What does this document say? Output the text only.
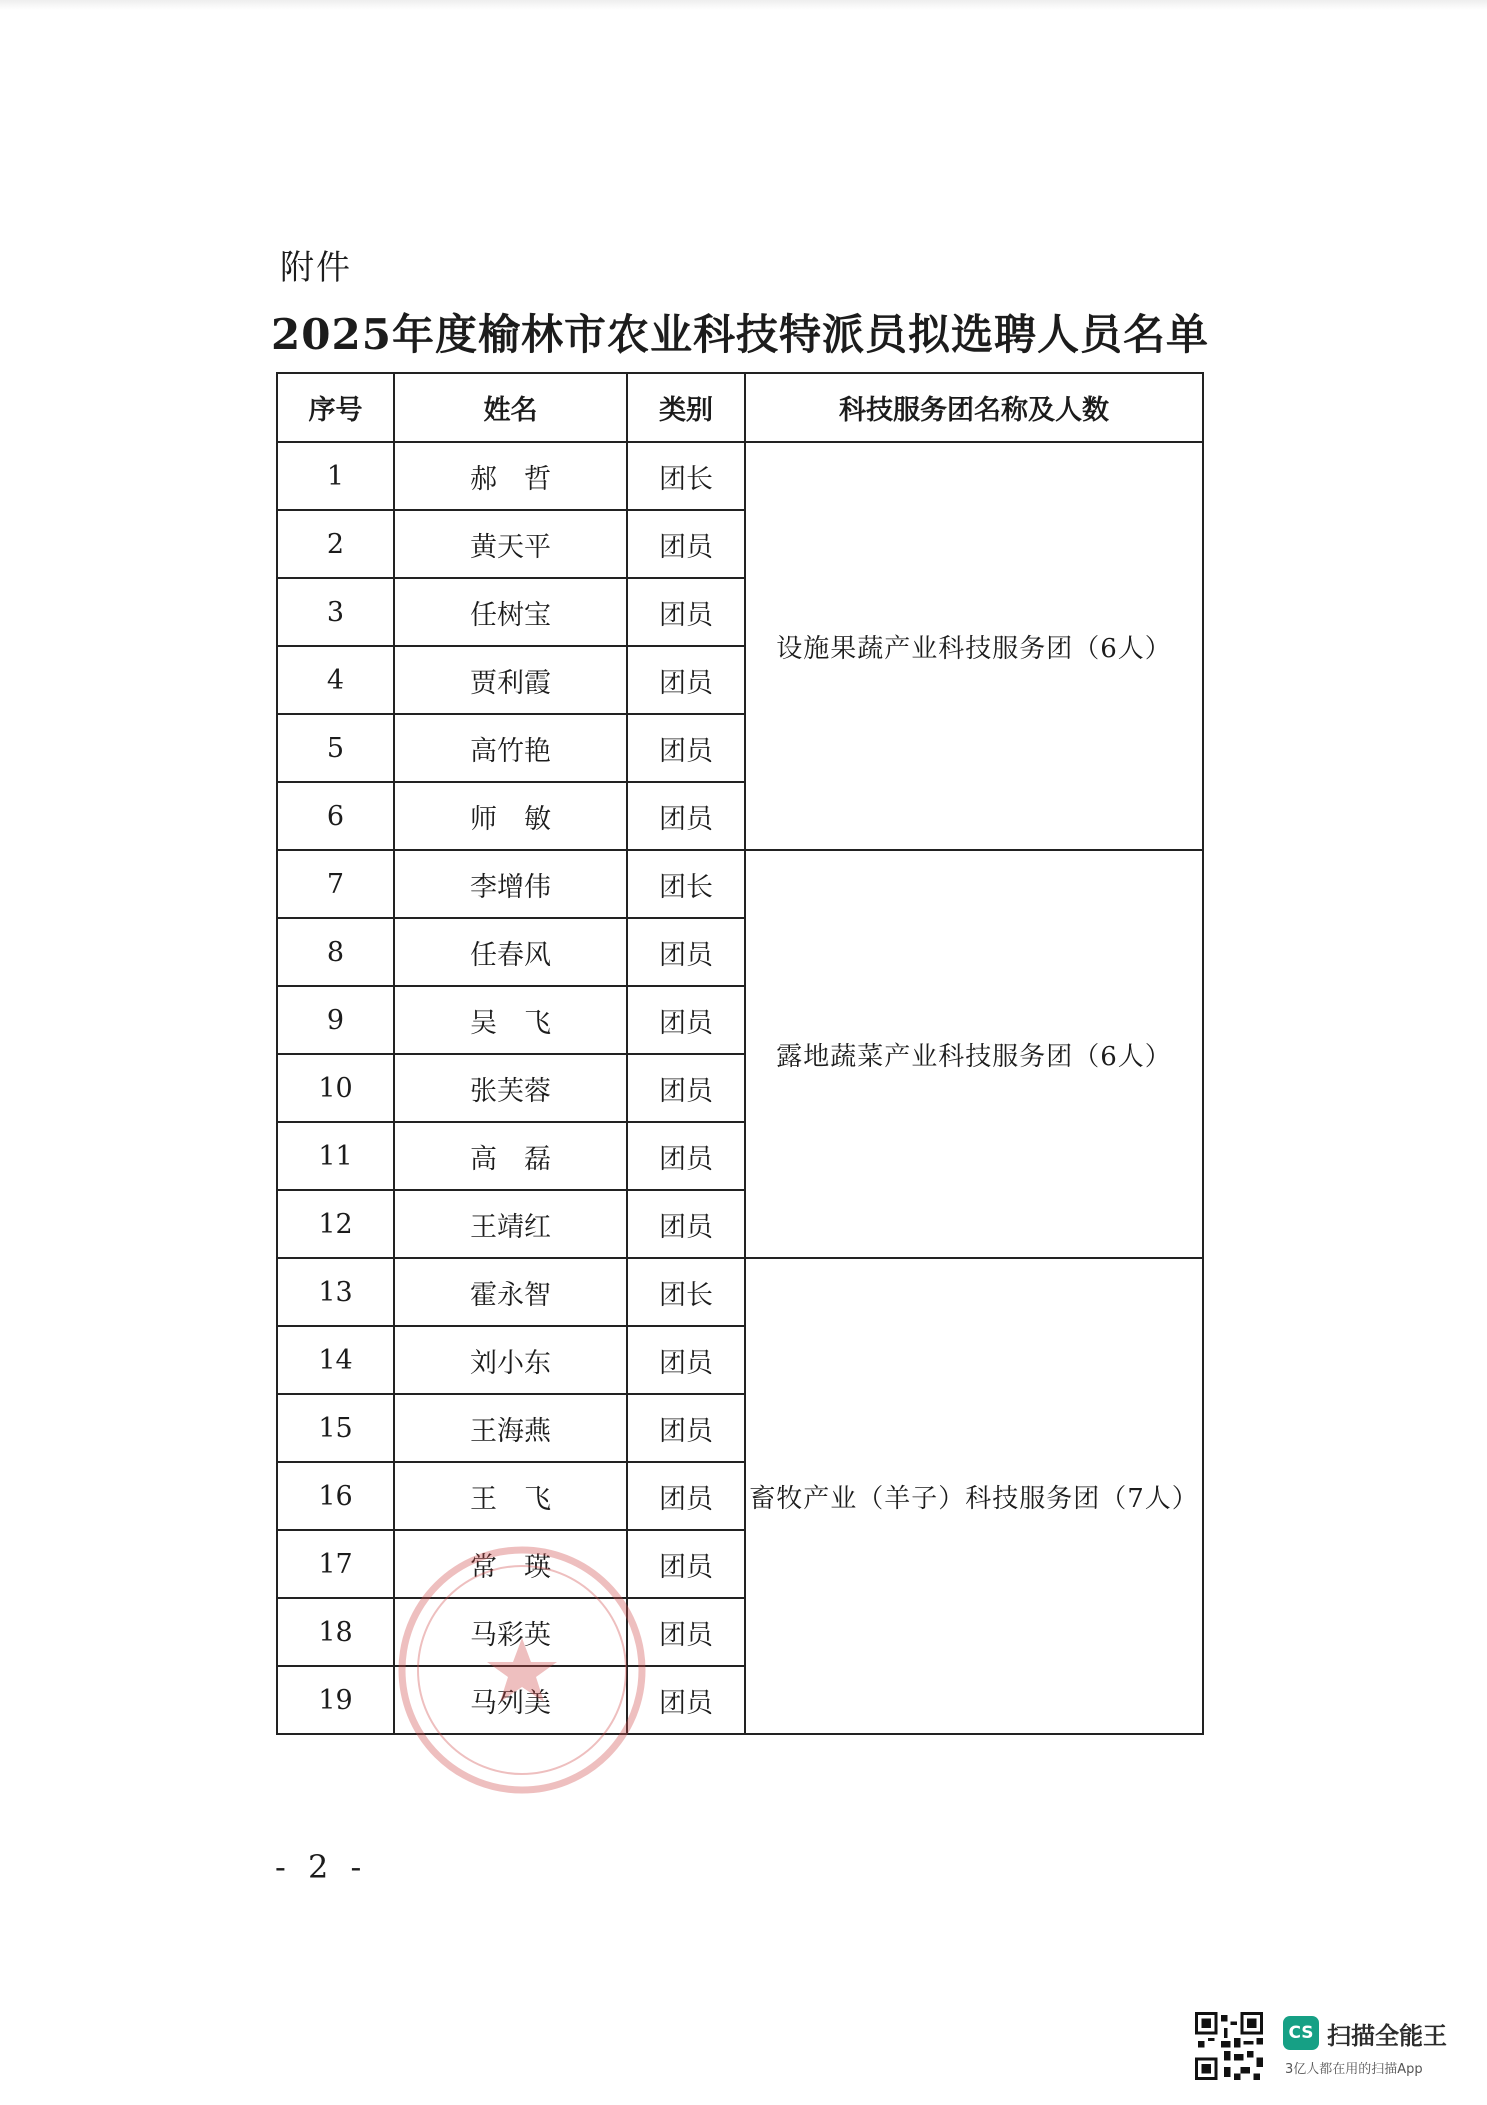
附件
2025年度榆林市农业科技特派员拟选聘人员名单
序号	姓名	类别	科技服务团名称及人数
1	郝　哲	团长	设施果蔬产业科技服务团（6人）
2	黄天平	团员	
3	任树宝	团员	
4	贾利霞	团员	
5	高竹艳	团员	
6	师　敏	团员	
7	李增伟	团长	露地蔬菜产业科技服务团（6人）
8	任春风	团员	
9	吴　飞	团员	
10	张芙蓉	团员	
11	高　磊	团员	
12	王靖红	团员	
13	霍永智	团长	畜牧产业（羊子）科技服务团（7人）
14	刘小东	团员	
15	王海燕	团员	
16	王　飞	团员	
17	常　瑛	团员	
18	马彩英	团员	
19	马列美	团员	
- 2 -
CS 扫描全能王
3亿人都在用的扫描App
